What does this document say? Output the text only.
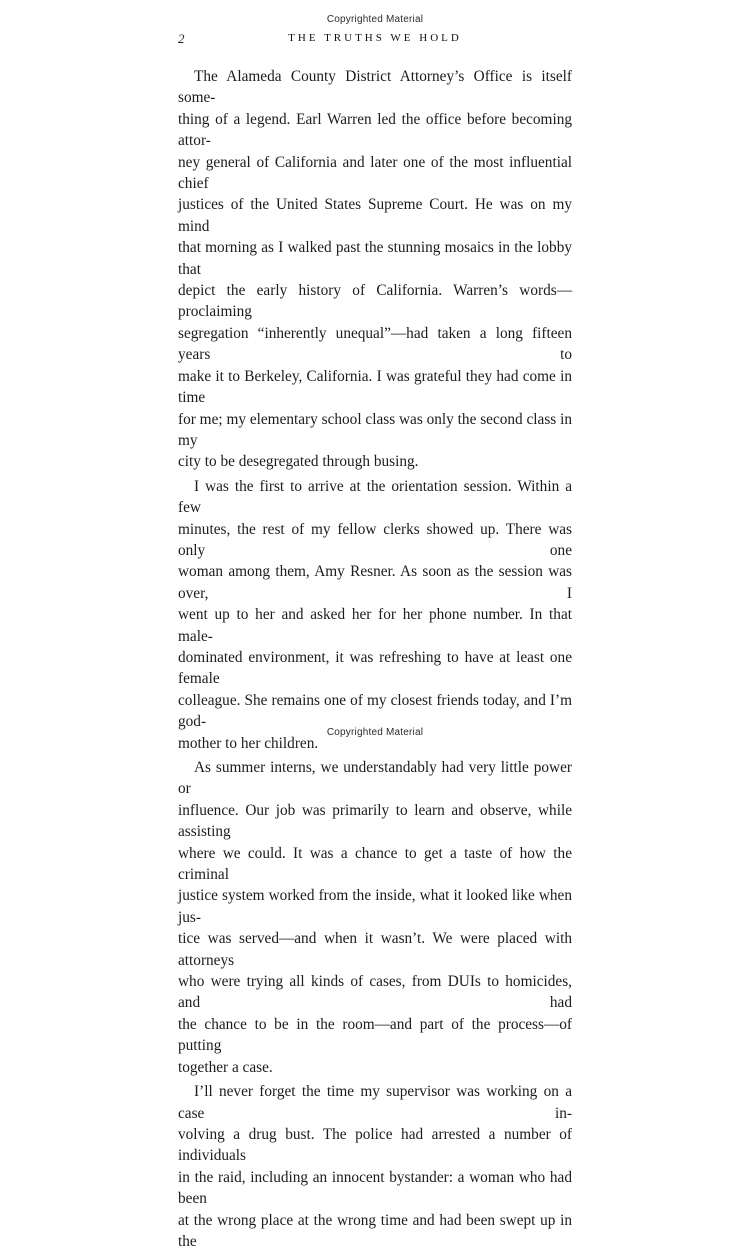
Copyrighted Material
2	THE TRUTHS WE HOLD
The Alameda County District Attorney’s Office is itself some-
thing of a legend. Earl Warren led the office before becoming attor-
ney general of California and later one of the most influential chief
justices of the United States Supreme Court. He was on my mind
that morning as I walked past the stunning mosaics in the lobby that
depict the early history of California. Warren’s words—proclaiming
segregation “inherently unequal”—had taken a long fifteen years to
make it to Berkeley, California. I was grateful they had come in time
for me; my elementary school class was only the second class in my
city to be desegregated through busing.
I was the first to arrive at the orientation session. Within a few
minutes, the rest of my fellow clerks showed up. There was only one
woman among them, Amy Resner. As soon as the session was over, I
went up to her and asked her for her phone number. In that male-
dominated environment, it was refreshing to have at least one female
colleague. She remains one of my closest friends today, and I’m god-
mother to her children.
As summer interns, we understandably had very little power or
influence. Our job was primarily to learn and observe, while assisting
where we could. It was a chance to get a taste of how the criminal
justice system worked from the inside, what it looked like when jus-
tice was served—and when it wasn’t. We were placed with attorneys
who were trying all kinds of cases, from DUIs to homicides, and had
the chance to be in the room—and part of the process—of putting
together a case.
I’ll never forget the time my supervisor was working on a case in-
volving a drug bust. The police had arrested a number of individuals
in the raid, including an innocent bystander: a woman who had been
at the wrong place at the wrong time and had been swept up in the
Copyrighted Material
